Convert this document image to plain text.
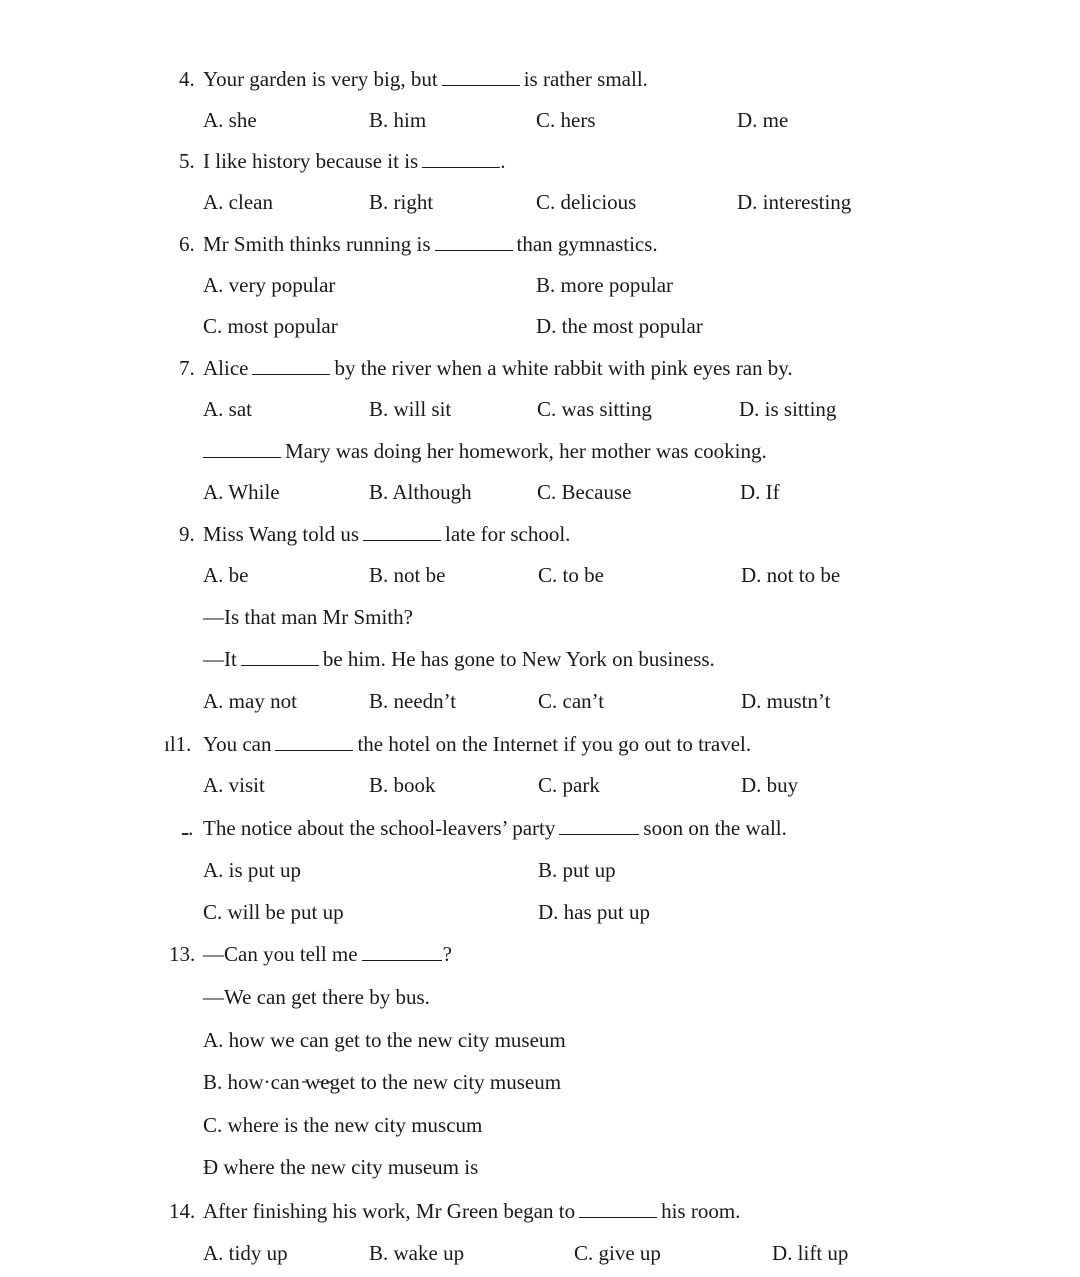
4. Your garden is very big, but	is rather small.
A. she	B. him	C. hers	D. me
5. I like history because it is	.
A. clean	B. right	C. delicious	D. interesting
6. Mr Smith thinks running is	than gymnastics.
A. very popular	B. more popular
C. most popular	D. the most popular
7. Alice	by the river when a white rabbit with pink eyes ran by.
A. sat	B. will sit	C. was sitting	D. is sitting
Mary was doing her homework, her mother was cooking.
A. While	B. Although	C. Because	D. If
9. Miss Wang told us	late for school.
A. be	B. not be	C. to be	D. not to be
—Is that man Mr Smith?
—It	be him. He has gone to New York on business.
A. may not	B. needn’t	C. can’t	D. mustn’t
ɪl1. You can	the hotel on the Internet if you go out to travel.
A. visit	B. book	C. park	D. buy
ـ. The notice about the school-leavers’ party	soon on the wall.
A. is put up	B. put up
C. will be put up	D. has put up
13. —Can you tell me	?
—We can get there by bus.
A. how we can get to the new city museum
B. how·can ̵w̵e̵get to the new city museum
C. where is the new city muscum
Ɖ where the new city museum is
14. After finishing his work, Mr Green began to	his room.
A. tidy up	B. wake up	C. give up	D. lift up
